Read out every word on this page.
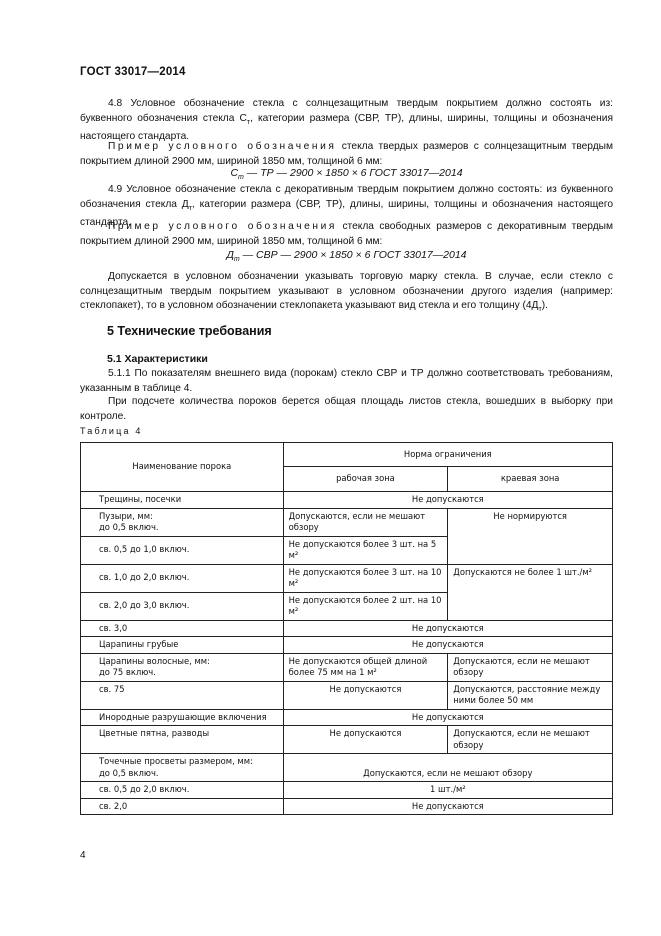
ГОСТ 33017—2014
4.8 Условное обозначение стекла с солнцезащитным твердым покрытием должно состоять из: буквенного обозначения стекла $С_т$, категории размера (СВР, ТР), длины, ширины, толщины и обозначения настоящего стандарта.
Пример условного обозначения стекла твердых размеров с солнцезащитным твердым покрытием длиной 2900 мм, шириной 1850 мм, толщиной 6 мм:
$С_т$ — ТР — 2900 × 1850 × 6 ГОСТ 33017—2014
4.9 Условное обозначение стекла с декоративным твердым покрытием должно состоять: из буквенного обозначения стекла $Д_т$, категории размера (СВР, ТР), длины, ширины, толщины и обозначения настоящего стандарта.
Пример условного обозначения стекла свободных размеров с декоративным твердым покрытием длиной 2900 мм, шириной 1850 мм, толщиной 6 мм:
$Д_т$ — СВР — 2900 × 1850 × 6 ГОСТ 33017—2014
Допускается в условном обозначении указывать торговую марку стекла. В случае, если стекло с солнцезащитным твердым покрытием указывают в условном обозначении другого изделия (например: стеклопакет), то в условном обозначении стеклопакета указывают вид стекла и его толщину $(4Д_т)$.
5 Технические требования
5.1 Характеристики
5.1.1 По показателям внешнего вида (порокам) стекло СВР и ТР должно соответствовать требованиям, указанным в таблице 4.
При подсчете количества пороков берется общая площадь листов стекла, вошедших в выборку при контроле.
Таблица 4
Наименование порока	Норма ограничения	
	рабочая зона	краевая зона
Трещины, посечки	Не допускаются	

Пузыри, мм:
до 0,5 включ.	Допускаются, если не мешают обзору	Не нормируются
св. 0,5 до 1,0 включ.	Не допускаются более 3 шт. на 5 м²	
св. 1,0 до 2,0 включ.	Не допускаются более 3 шт. на 10 м²	Допускаются не более 1 шт./м²
св. 2,0 до 3,0 включ.	Не допускаются более 2 шт. на 10 м²	
св. 3,0	Не допускаются	
Царапины грубые	Не допускаются	

Царапины волосные, мм:
до 75 включ.	Не допускаются общей длиной более 75 мм на 1 м²	Допускаются, если не мешают обзору
св. 75	Не допускаются	Допускаются, расстояние между ними более 50 мм
Инородные разрушающие включения	Не допускаются	
Цветные пятна, разводы	Не допускаются	Допускаются, если не мешают обзору

Точечные просветы размером, мм:
до 0,5 включ.	Допускаются, если не мешают обзору	
св. 0,5 до 2,0 включ.	1 шт./м²	
св. 2,0	Не допускаются	
4
